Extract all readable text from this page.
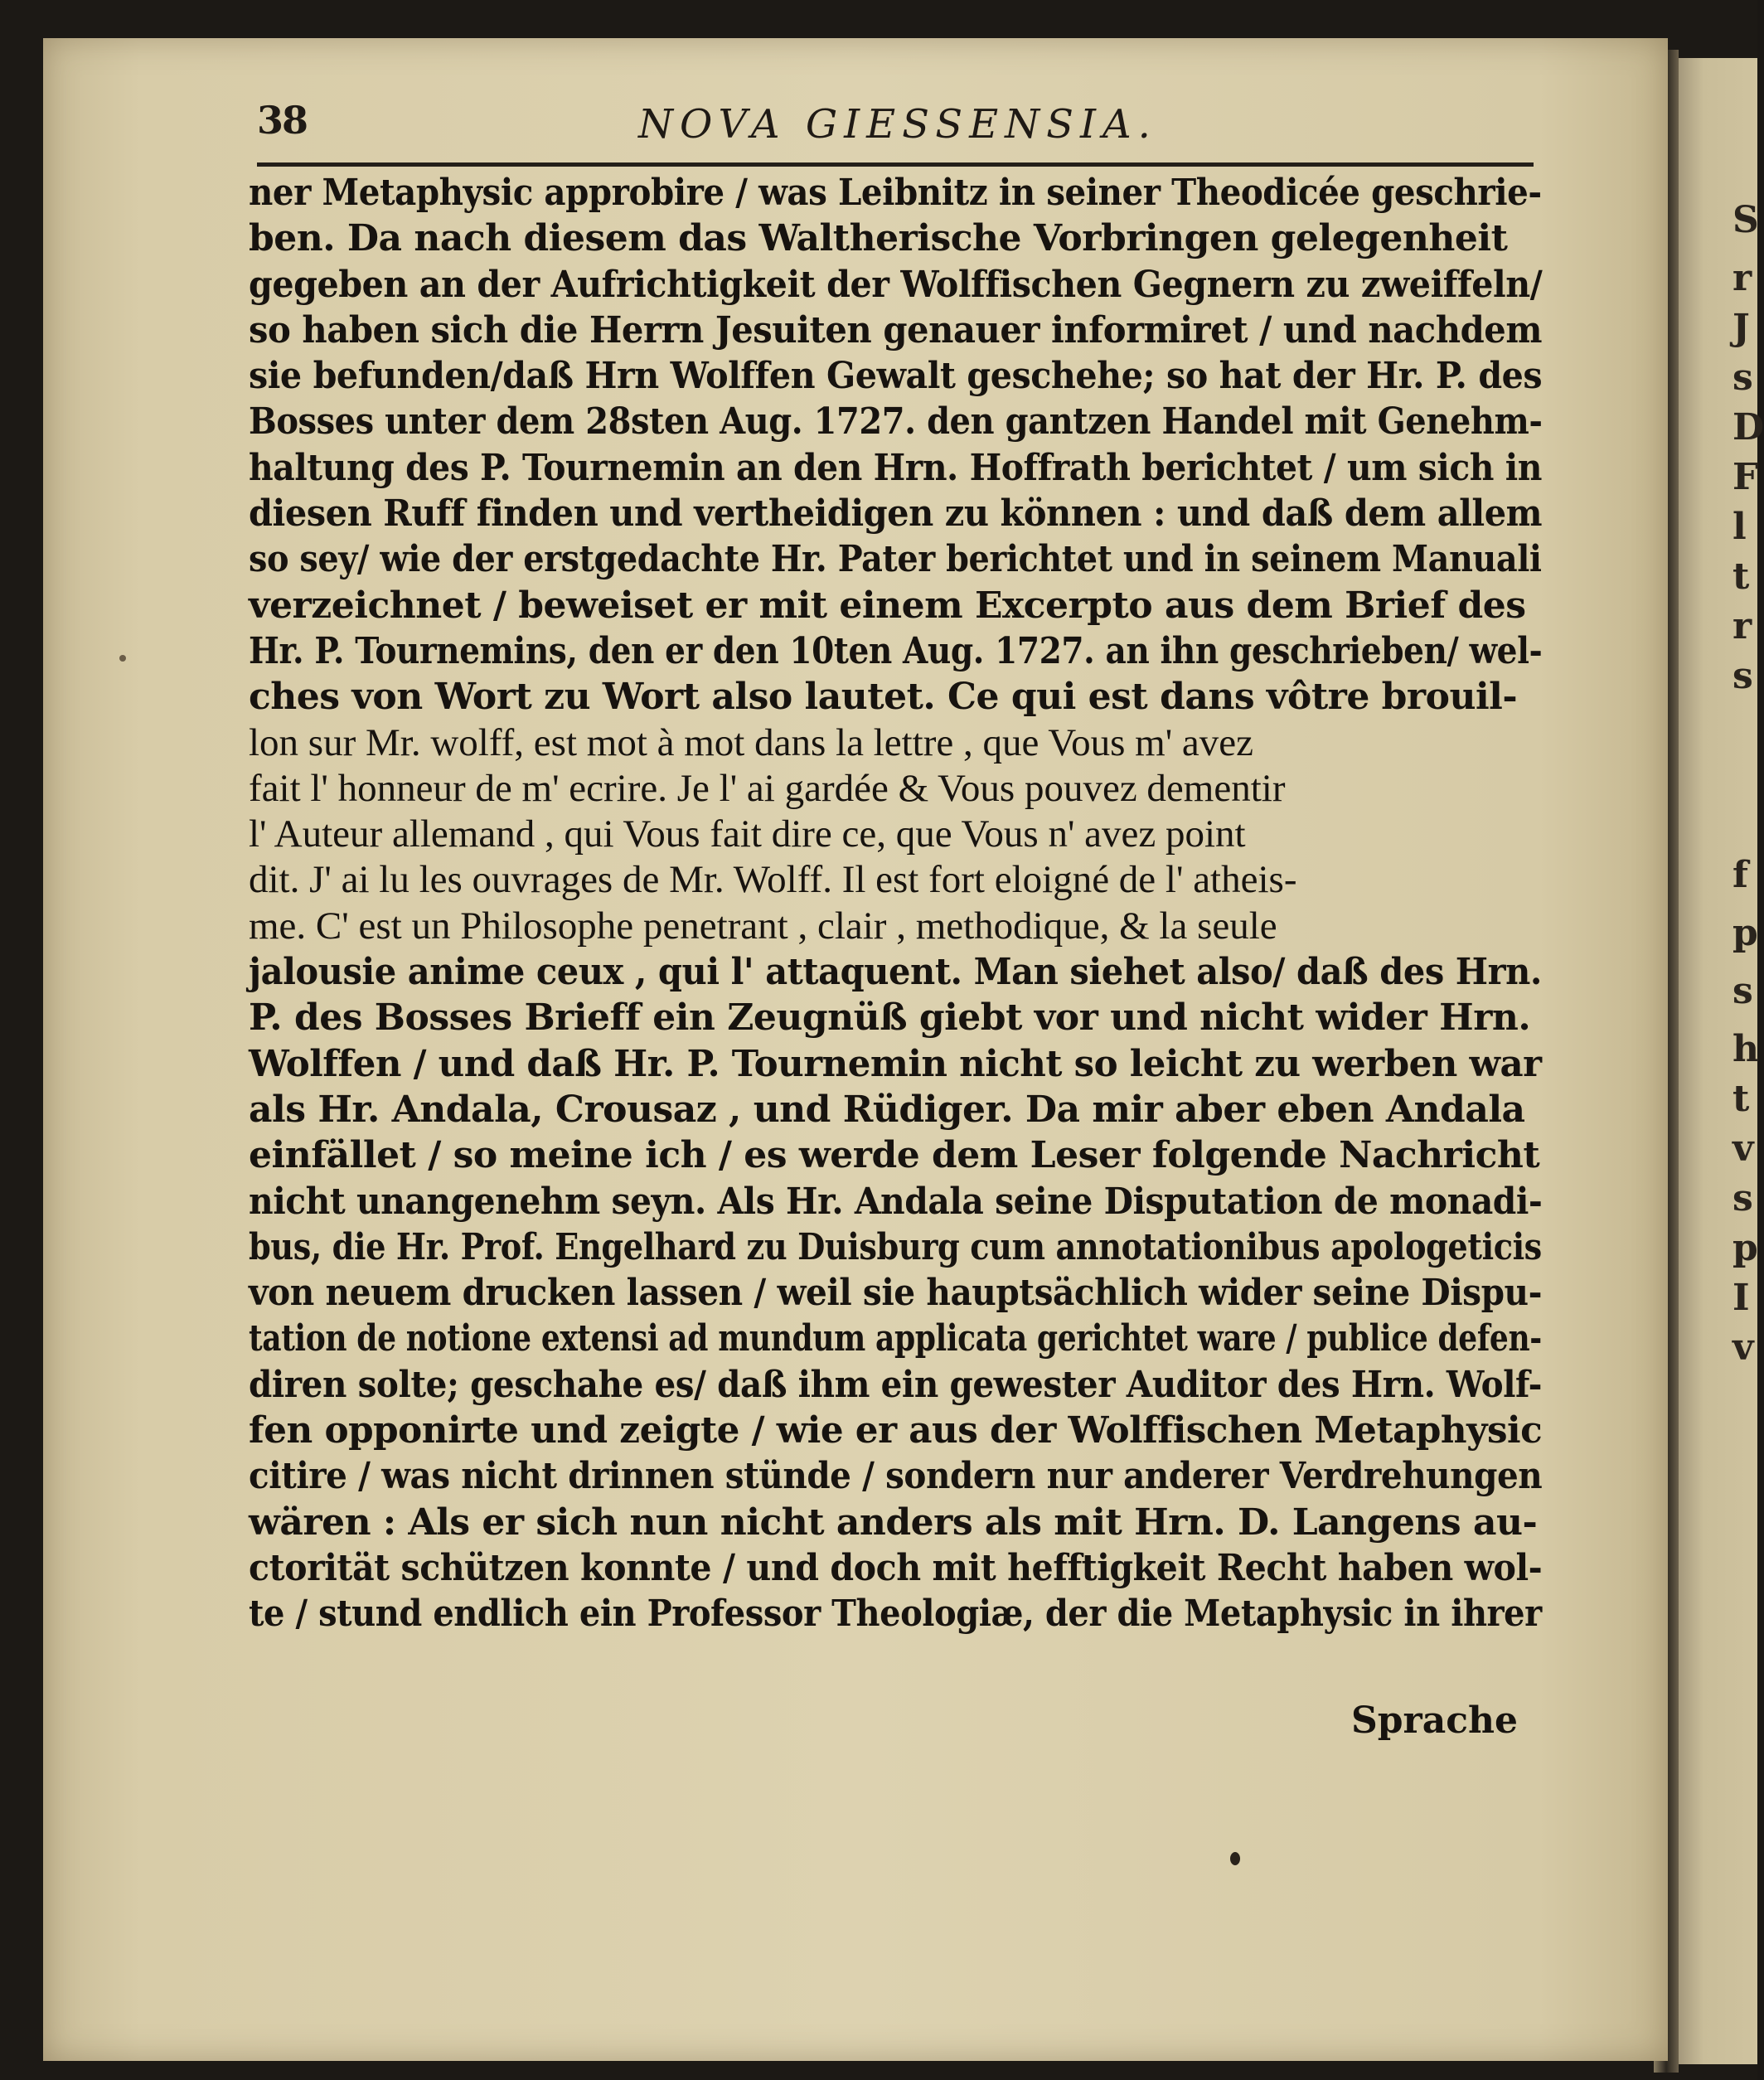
S
r
J
s
D
F
l
t
r
s
f
p
s
h
t
v
s
p
I
v
38	NOVA GIESSENSIA.
ner Metaphysic approbire / was Leibnitz in seiner Theodicée geschrie-
ben. Da nach diesem das Waltherische Vorbringen gelegenheit
gegeben an der Aufrichtigkeit der Wolffischen Gegnern zu zweiffeln/
so haben sich die Herrn Jesuiten genauer informiret / und nachdem
sie befunden/daß Hrn Wolffen Gewalt geschehe; so hat der Hr. P. des
Bosses unter dem 28sten Aug. 1727. den gantzen Handel mit Genehm-
haltung des P. Tournemin an den Hrn. Hoffrath berichtet / um sich in
diesen Ruff finden und vertheidigen zu können : und daß dem allem
so sey/ wie der erstgedachte Hr. Pater berichtet und in seinem Manuali
verzeichnet / beweiset er mit einem Excerpto aus dem Brief des
Hr. P. Tournemins, den er den 10ten Aug. 1727. an ihn geschrieben/ wel-
ches von Wort zu Wort also lautet. Ce qui est dans vôtre brouil-
lon sur Mr. wolff, est mot à mot dans la lettre , que Vous m' avez
fait l' honneur de m' ecrire. Je l' ai gardée & Vous pouvez dementir
l' Auteur allemand , qui Vous fait dire ce, que Vous n' avez point
dit. J' ai lu les ouvrages de Mr. Wolff. Il est fort eloigné de l' atheis-
me. C' est un Philosophe penetrant , clair , methodique, & la seule
jalousie anime ceux , qui l' attaquent. Man siehet also/ daß des Hrn.
P. des Bosses Brieff ein Zeugnüß giebt vor und nicht wider Hrn.
Wolffen / und daß Hr. P. Tournemin nicht so leicht zu werben war
als Hr. Andala, Crousaz , und Rüdiger. Da mir aber eben Andala
einfället / so meine ich / es werde dem Leser folgende Nachricht
nicht unangenehm seyn. Als Hr. Andala seine Disputation de monadi-
bus, die Hr. Prof. Engelhard zu Duisburg cum annotationibus apologeticis
von neuem drucken lassen / weil sie hauptsächlich wider seine Dispu-
tation de notione extensi ad mundum applicata gerichtet ware / publice defen-
diren solte; geschahe es/ daß ihm ein gewester Auditor des Hrn. Wolf-
fen opponirte und zeigte / wie er aus der Wolffischen Metaphysic
citire / was nicht drinnen stünde / sondern nur anderer Verdrehungen
wären : Als er sich nun nicht anders als mit Hrn. D. Langens au-
ctorität schützen konnte / und doch mit hefftigkeit Recht haben wol-
te / stund endlich ein Professor Theologiæ, der die Metaphysic in ihrer
Sprache
